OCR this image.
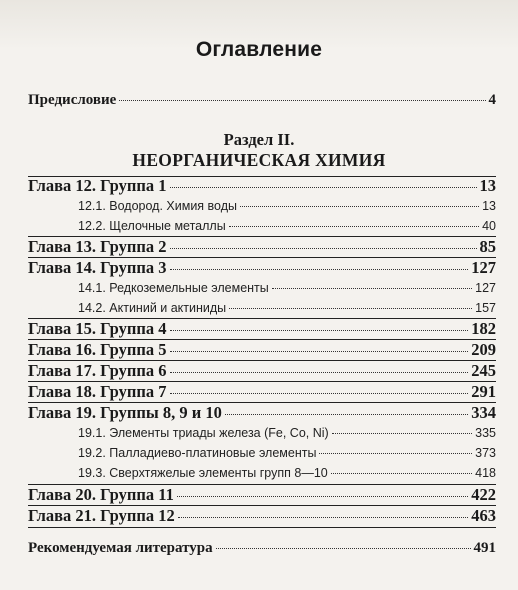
Оглавление
Предисловие	4
Раздел II.
НЕОРГАНИЧЕСКАЯ ХИМИЯ
Глава 12. Группа 1	13
12.1. Водород. Химия воды	13
12.2. Щелочные металлы	40
Глава 13. Группа 2	85
Глава 14. Группа 3	127
14.1. Редкоземельные элементы	127
14.2. Актиний и актиниды	157
Глава 15. Группа 4	182
Глава 16. Группа 5	209
Глава 17. Группа 6	245
Глава 18. Группа 7	291
Глава 19. Группы 8, 9 и 10	334
19.1. Элементы триады железа (Fe, Co, Ni)	335
19.2. Палладиево-платиновые элементы	373
19.3. Сверхтяжелые элементы групп 8—10	418
Глава 20. Группа 11	422
Глава 21. Группа 12	463
Рекомендуемая литература	491
